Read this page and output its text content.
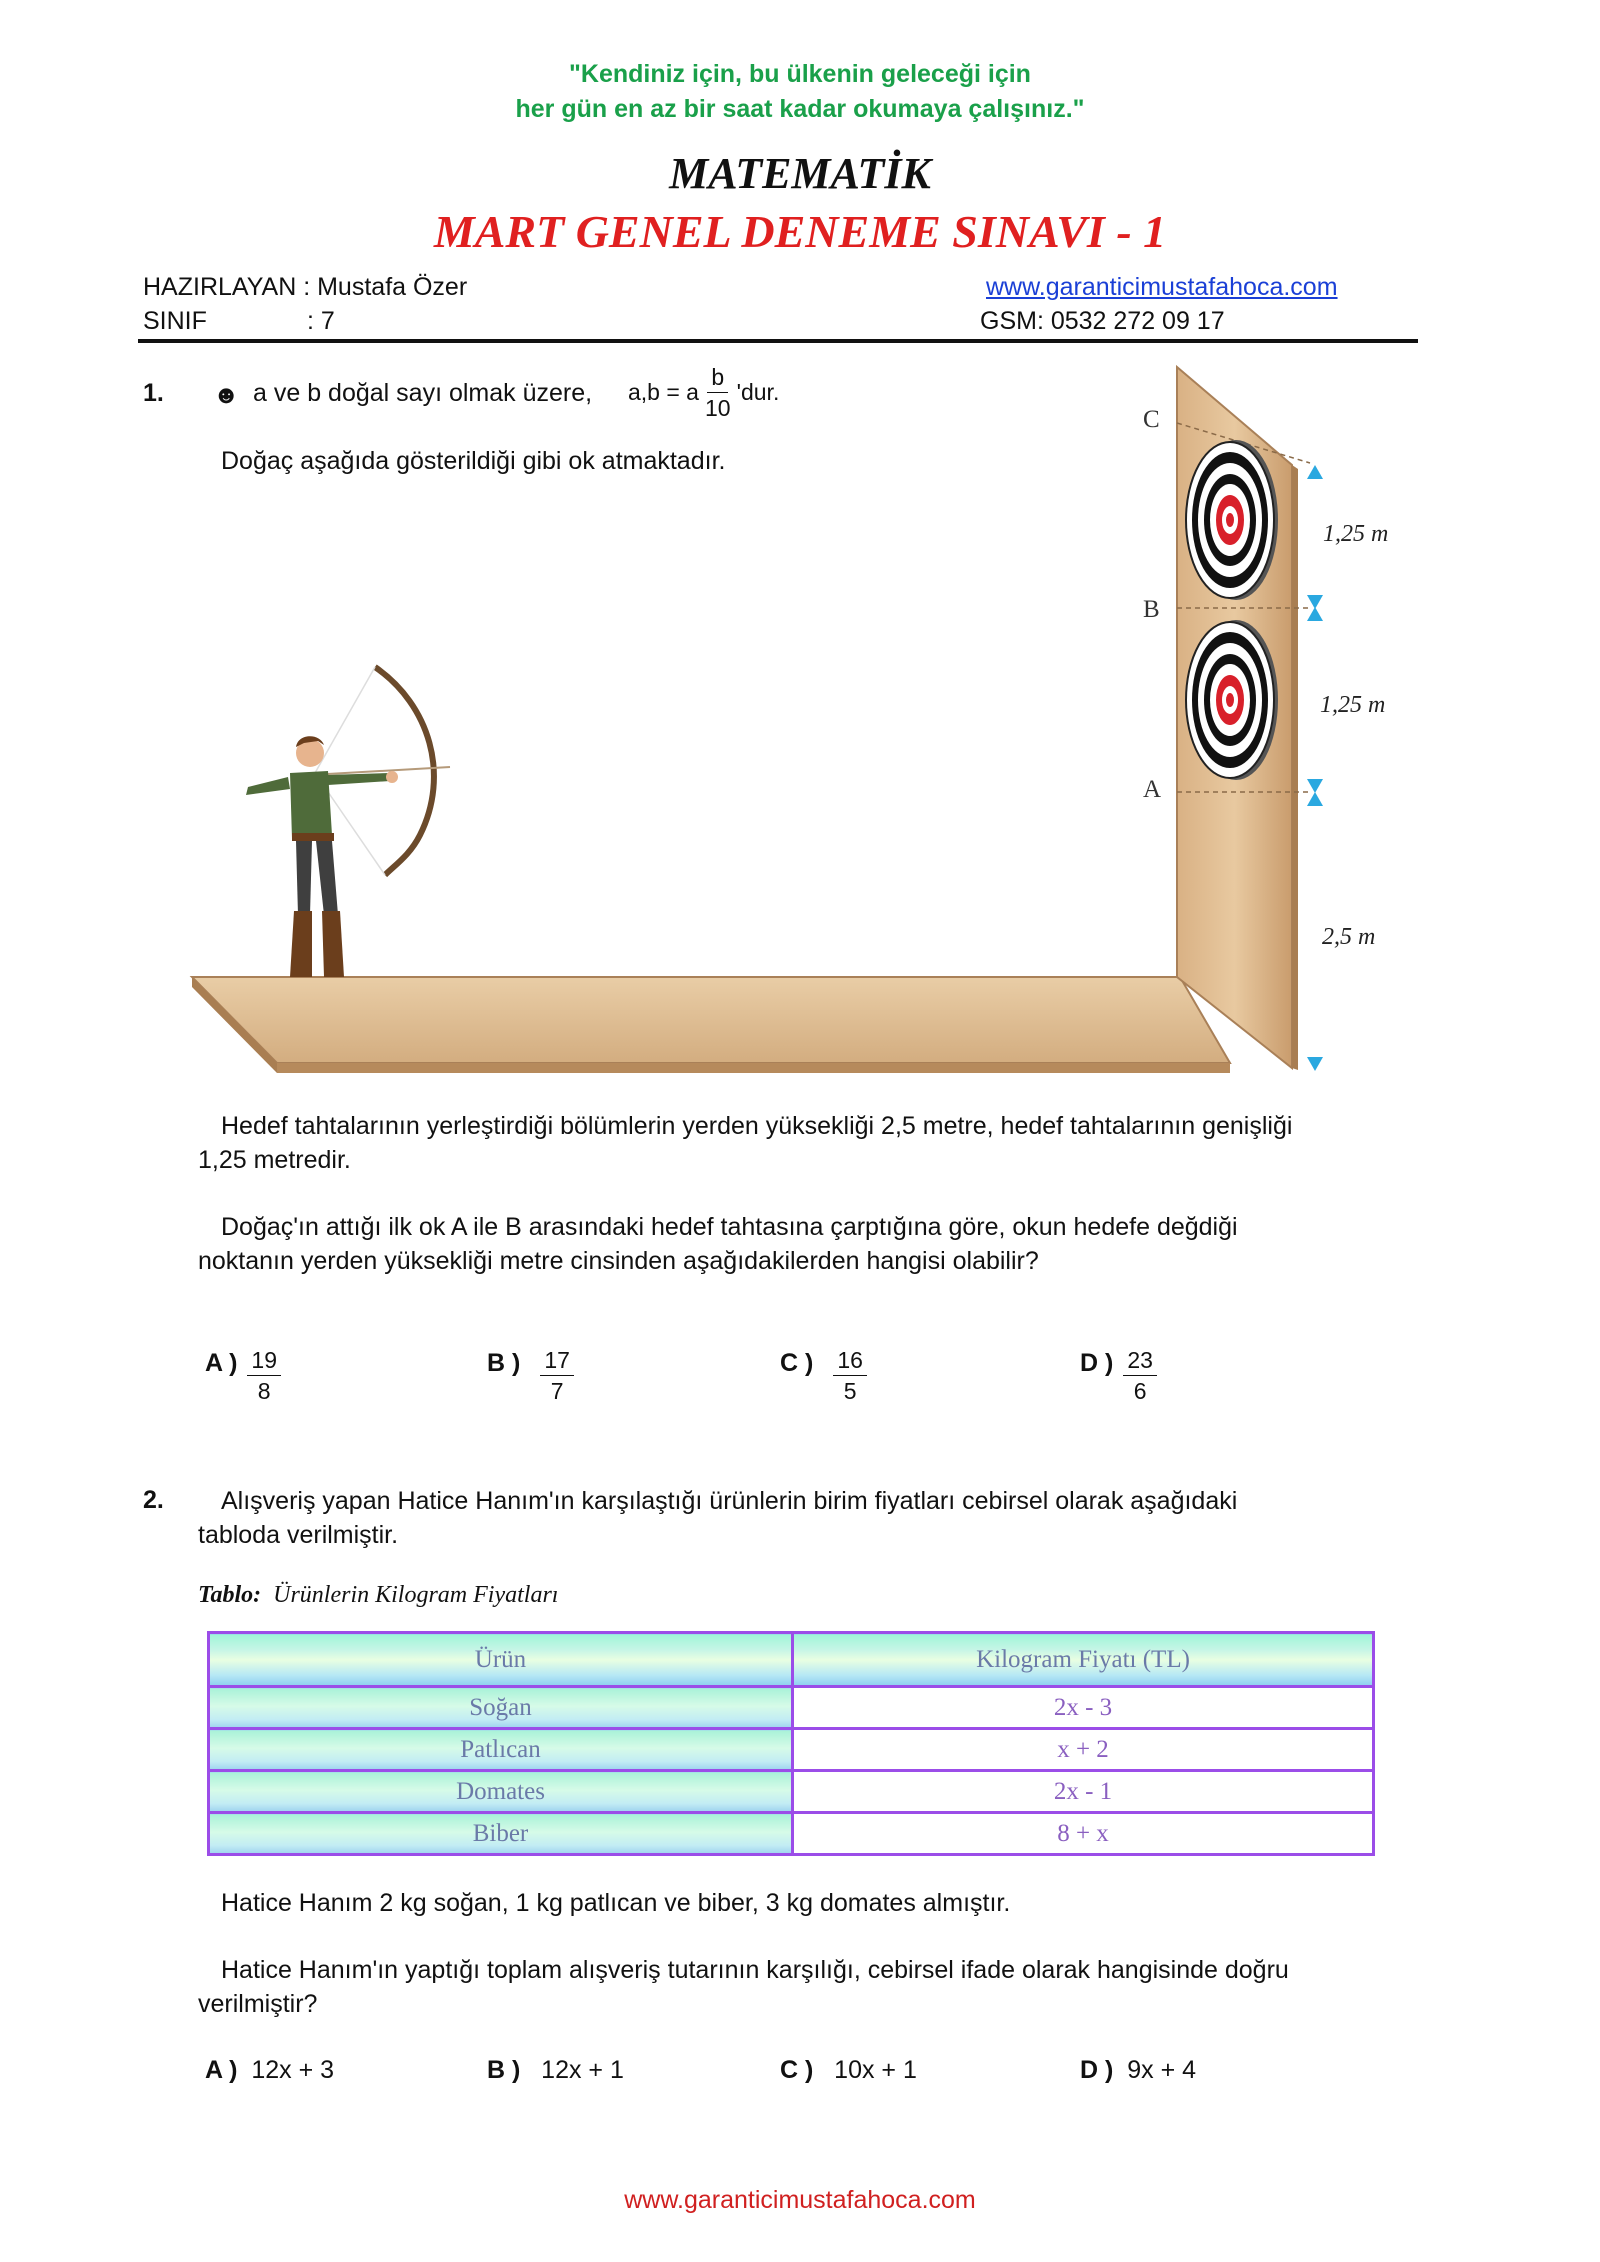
"Kendiniz için, bu ülkenin geleceği için
her gün en az bir saat kadar okumaya çalışınız."
MATEMATİK
MART GENEL DENEME SINAVI - 1
HAZIRLAYAN : Mustafa Özer	www.garanticimustafahoca.com
SINIF	: 7	GSM: 0532 272 09 17
1. ☻ a ve b doğal sayı olmak üzere, a,b = a $\frac{b}{10}$ 'dur.
Doğaç aşağıda gösterildiği gibi ok atmaktadır.
C
B
A
1,25 m
1,25 m
2,5 m
Hedef tahtalarının yerleştirdiği bölümlerin yerden yüksekliği 2,5 metre, hedef tahtalarının genişliği
1,25 metredir.
Doğaç'ın attığı ilk ok A ile B arasındaki hedef tahtasına çarptığına göre, okun hedefe değdiği
noktanın yerden yüksekliği metre cinsinden aşağıdakilerden hangisi olabilir?
A ) $\frac{19}{8}$	B ) $\frac{17}{7}$	C ) $\frac{16}{5}$	D ) $\frac{23}{6}$
2. Alışveriş yapan Hatice Hanım'ın karşılaştığı ürünlerin birim fiyatları cebirsel olarak aşağıdaki
tabloda verilmiştir.
Tablo: Ürünlerin Kilogram Fiyatları
Ürün	Kilogram Fiyatı (TL)
Soğan	2x - 3
Patlıcan	x + 2
Domates	2x - 1
Biber	8 + x
Hatice Hanım 2 kg soğan, 1 kg patlıcan ve biber, 3 kg domates almıştır.
Hatice Hanım'ın yaptığı toplam alışveriş tutarının karşılığı, cebirsel ifade olarak hangisinde doğru
verilmiştir?
A ) 12x + 3	B ) 12x + 1	C ) 10x + 1	D ) 9x + 4
www.garanticimustafahoca.com
